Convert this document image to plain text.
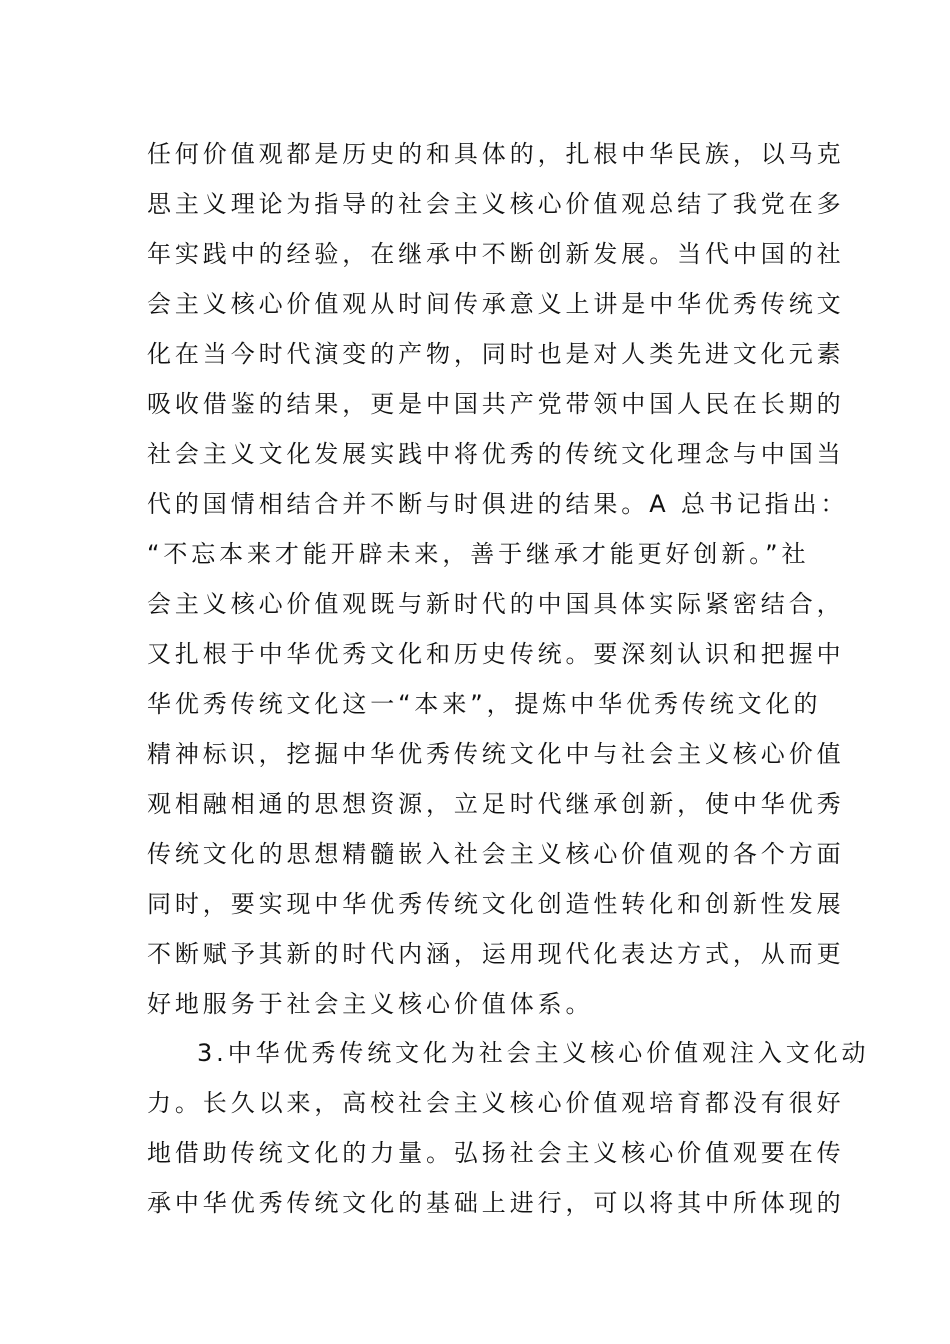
任何价值观都是历史的和具体的，扎根中华民族，以马克
思主义理论为指导的社会主义核心价值观总结了我党在多
年实践中的经验，在继承中不断创新发展。当代中国的社
会主义核心价值观从时间传承意义上讲是中华优秀传统文
化在当今时代演变的产物，同时也是对人类先进文化元素
吸收借鉴的结果，更是中国共产党带领中国人民在长期的
社会主义文化发展实践中将优秀的传统文化理念与中国当
代的国情相结合并不断与时俱进的结果。A 总书记指出：
“不忘本来才能开辟未来，善于继承才能更好创新。”社
会主义核心价值观既与新时代的中国具体实际紧密结合，
又扎根于中华优秀文化和历史传统。要深刻认识和把握中
华优秀传统文化这一“本来”，提炼中华优秀传统文化的
精神标识，挖掘中华优秀传统文化中与社会主义核心价值
观相融相通的思想资源，立足时代继承创新，使中华优秀
传统文化的思想精髓嵌入社会主义核心价值观的各个方面
同时，要实现中华优秀传统文化创造性转化和创新性发展
不断赋予其新的时代内涵，运用现代化表达方式，从而更
好地服务于社会主义核心价值体系。
3.中华优秀传统文化为社会主义核心价值观注入文化动
力。长久以来，高校社会主义核心价值观培育都没有很好
地借助传统文化的力量。弘扬社会主义核心价值观要在传
承中华优秀传统文化的基础上进行，可以将其中所体现的
